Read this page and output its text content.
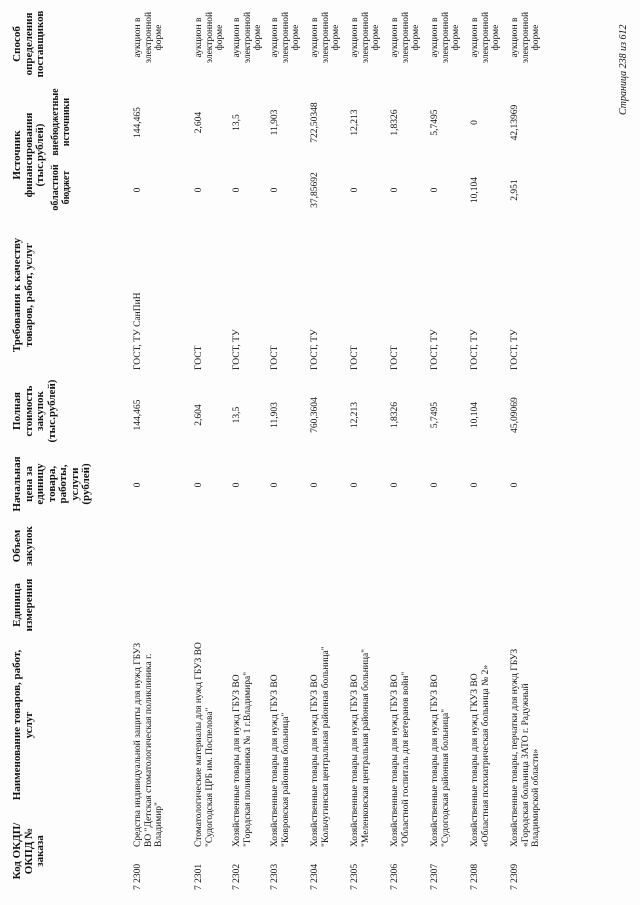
Код ОКДП/ ОКПД № заказа
Наименование товаров, работ, услуг
Единица измерения
Объем закупок
Начальная цена за единицу товара, работы, услуги (рублей)
Полная стоимость закупок (тыс.рублей)
Требования к качеству товаров, работ, услуг
Источник финансирования (тыс.рублей)
областной бюджет
внебюджетные источники
Способ определения поставщиков
7 2300
Средства индивидуальной защиты для нужд ГБУЗ ВО "Детская стоматологическая поликлиника г. Владимир"
0
144,465
ГОСТ, ТУ СанПиН
0
144,465
аукцион в электронной форме
7 2301
Стоматологические материалы для нужд ГБУЗ ВО "Судогодская ЦРБ им. Поспелова"
0
2,604
ГОСТ
0
2,604
аукцион в электронной форме
7 2302
Хозяйственные товары для нужд ГБУЗ ВО "Городская поликлиника № 1 г.Владимира"
0
13,5
ГОСТ, ТУ
0
13,5
аукцион в электронной форме
7 2303
Хозяйственные товары для нужд ГБУЗ ВО "Ковровская районная больница"
0
11,903
ГОСТ
0
11,903
аукцион в электронной форме
7 2304
Хозяйственные товары для нужд ГБУЗ ВО "Кольчугинская центральная районная больница"
0
760,3604
ГОСТ, ТУ
37,85692
722,50348
аукцион в электронной форме
7 2305
Хозяйственные товары для нужд ГБУЗ ВО "Меленковская центральная районная больница"
0
12,213
ГОСТ
0
12,213
аукцион в электронной форме
7 2306
Хозяйственные товары для нужд ГБУЗ ВО "Областной госпиталь для ветеранов войн"
0
1,8326
ГОСТ
0
1,8326
аукцион в электронной форме
7 2307
Хозяйственные товары для нужд ГБУЗ ВО "Судогодская районная больница"
0
5,7495
ГОСТ, ТУ
0
5,7495
аукцион в электронной форме
7 2308
Хозяйственные товары для нужд ГКУЗ ВО «Областная психиатрическая больница № 2»
0
10,104
ГОСТ, ТУ
10,104
0
аукцион в электронной форме
7 2309
Хозяйственные товары, перчатки для нужд ГБУЗ «Городская больница ЗАТО г. Радужный Владимирской области»
0
45,09069
ГОСТ, ТУ
2,951
42,13969
аукцион в электронной форме	Страница 238 из 612
